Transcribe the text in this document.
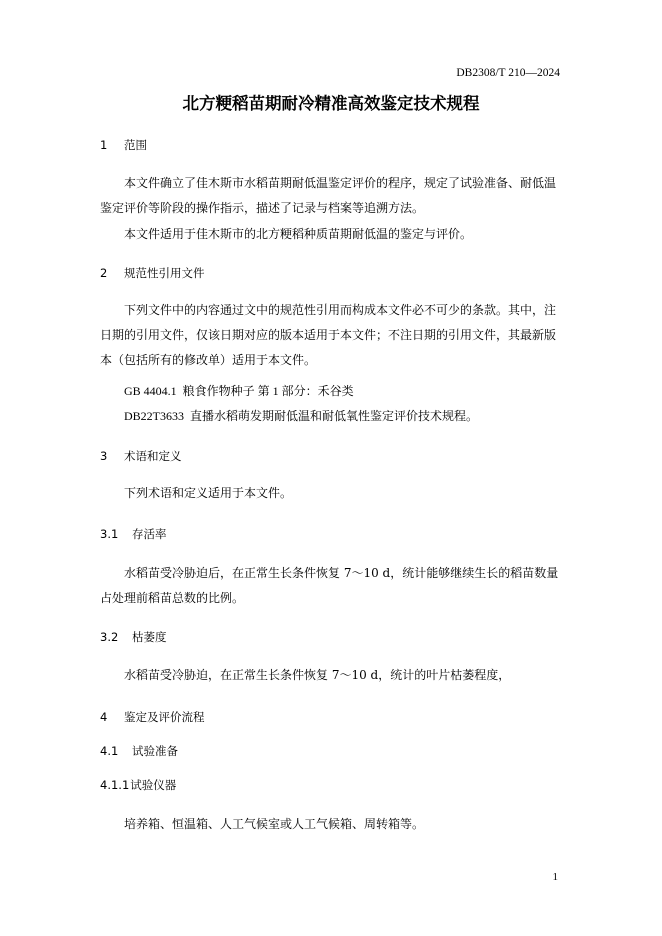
DB2308/T 210—2024
北方粳稻苗期耐冷精准高效鉴定技术规程
1 范围

本文件确立了佳木斯市水稻苗期耐低温鉴定评价的程序，规定了试验准备、耐低温鉴定评价等阶段的操作指示，描述了记录与档案等追溯方法。

本文件适用于佳木斯市的北方粳稻种质苗期耐低温的鉴定与评价。

2 规范性引用文件

下列文件中的内容通过文中的规范性引用而构成本文件必不可少的条款。其中，注日期的引用文件，仅该日期对应的版本适用于本文件；不注日期的引用文件，其最新版本（包括所有的修改单）适用于本文件。

GB 4404.1 粮食作物种子 第 1 部分：禾谷类
DB22T3633 直播水稻萌发期耐低温和耐低氧性鉴定评价技术规程。
3 术语和定义

下列术语和定义适用于本文件。

3.1 存活率

水稻苗受冷胁迫后，在正常生长条件恢复 7～10 d，统计能够继续生长的稻苗数量占处理前稻苗总数的比例。

3.2 枯萎度

水稻苗受冷胁迫，在正常生长条件恢复 7～10 d，统计的叶片枯萎程度，

4 鉴定及评价流程
4.1 试验准备
4.1.1试验仪器

培养箱、恒温箱、人工气候室或人工气候箱、周转箱等。

1
